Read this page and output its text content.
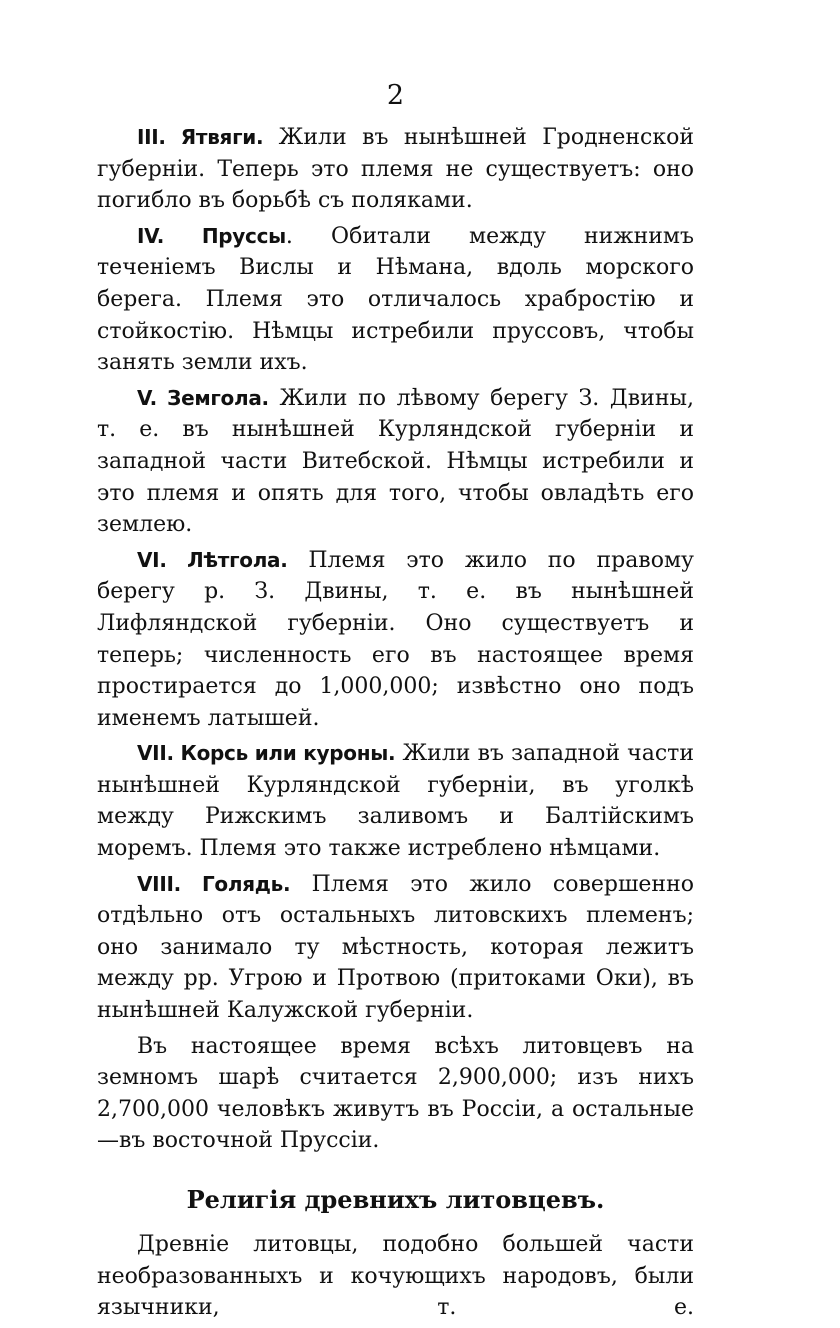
2

III. Ятвяги. Жили въ нынѣшней Гродненской губерніи. Теперь это племя не существуетъ: оно погибло въ борьбѣ съ поляками.

IV. Пруссы. Обитали между нижнимъ теченіемъ Вислы и Нѣмана, вдоль морского берега. Племя это отличалось храбростію и стойкостію. Нѣмцы истребили пруссовъ, чтобы занять земли ихъ.

V. Земгола. Жили по лѣвому берегу З. Двины, т. е. въ нынѣшней Курляндской губерніи и западной части Витебской. Нѣмцы истребили и это племя и опять для того, чтобы овладѣть его землею.

VI. Лѣтгола. Племя это жило по правому берегу р. З. Двины, т. е. въ нынѣшней Лифляндской губерніи. Оно существуетъ и теперь; численность его въ настоящее время простирается до 1,000,000; извѣстно оно подъ именемъ латышей.

VII. Корсь или куроны. Жили въ западной части нынѣшней Курляндской губерніи, въ уголкѣ между Рижскимъ заливомъ и Балтійскимъ моремъ. Племя это также истреблено нѣмцами.

VIII. Голядь. Племя это жило совершенно отдѣльно отъ остальныхъ литовскихъ племенъ; оно занимало ту мѣстность, которая лежитъ между рр. Угрою и Протвою (притоками Оки), въ нынѣшней Калужской губерніи.

Въ настоящее время всѣхъ литовцевъ на земномъ шарѣ считается 2,900,000; изъ нихъ 2,700,000 человѣкъ живутъ въ Россіи, а остальные—въ восточной Пруссіи.

Религія древнихъ литовцевъ.

Древніе литовцы, подобно большей части необразованныхъ и кочующихъ народовъ, были язычники, т. е.
